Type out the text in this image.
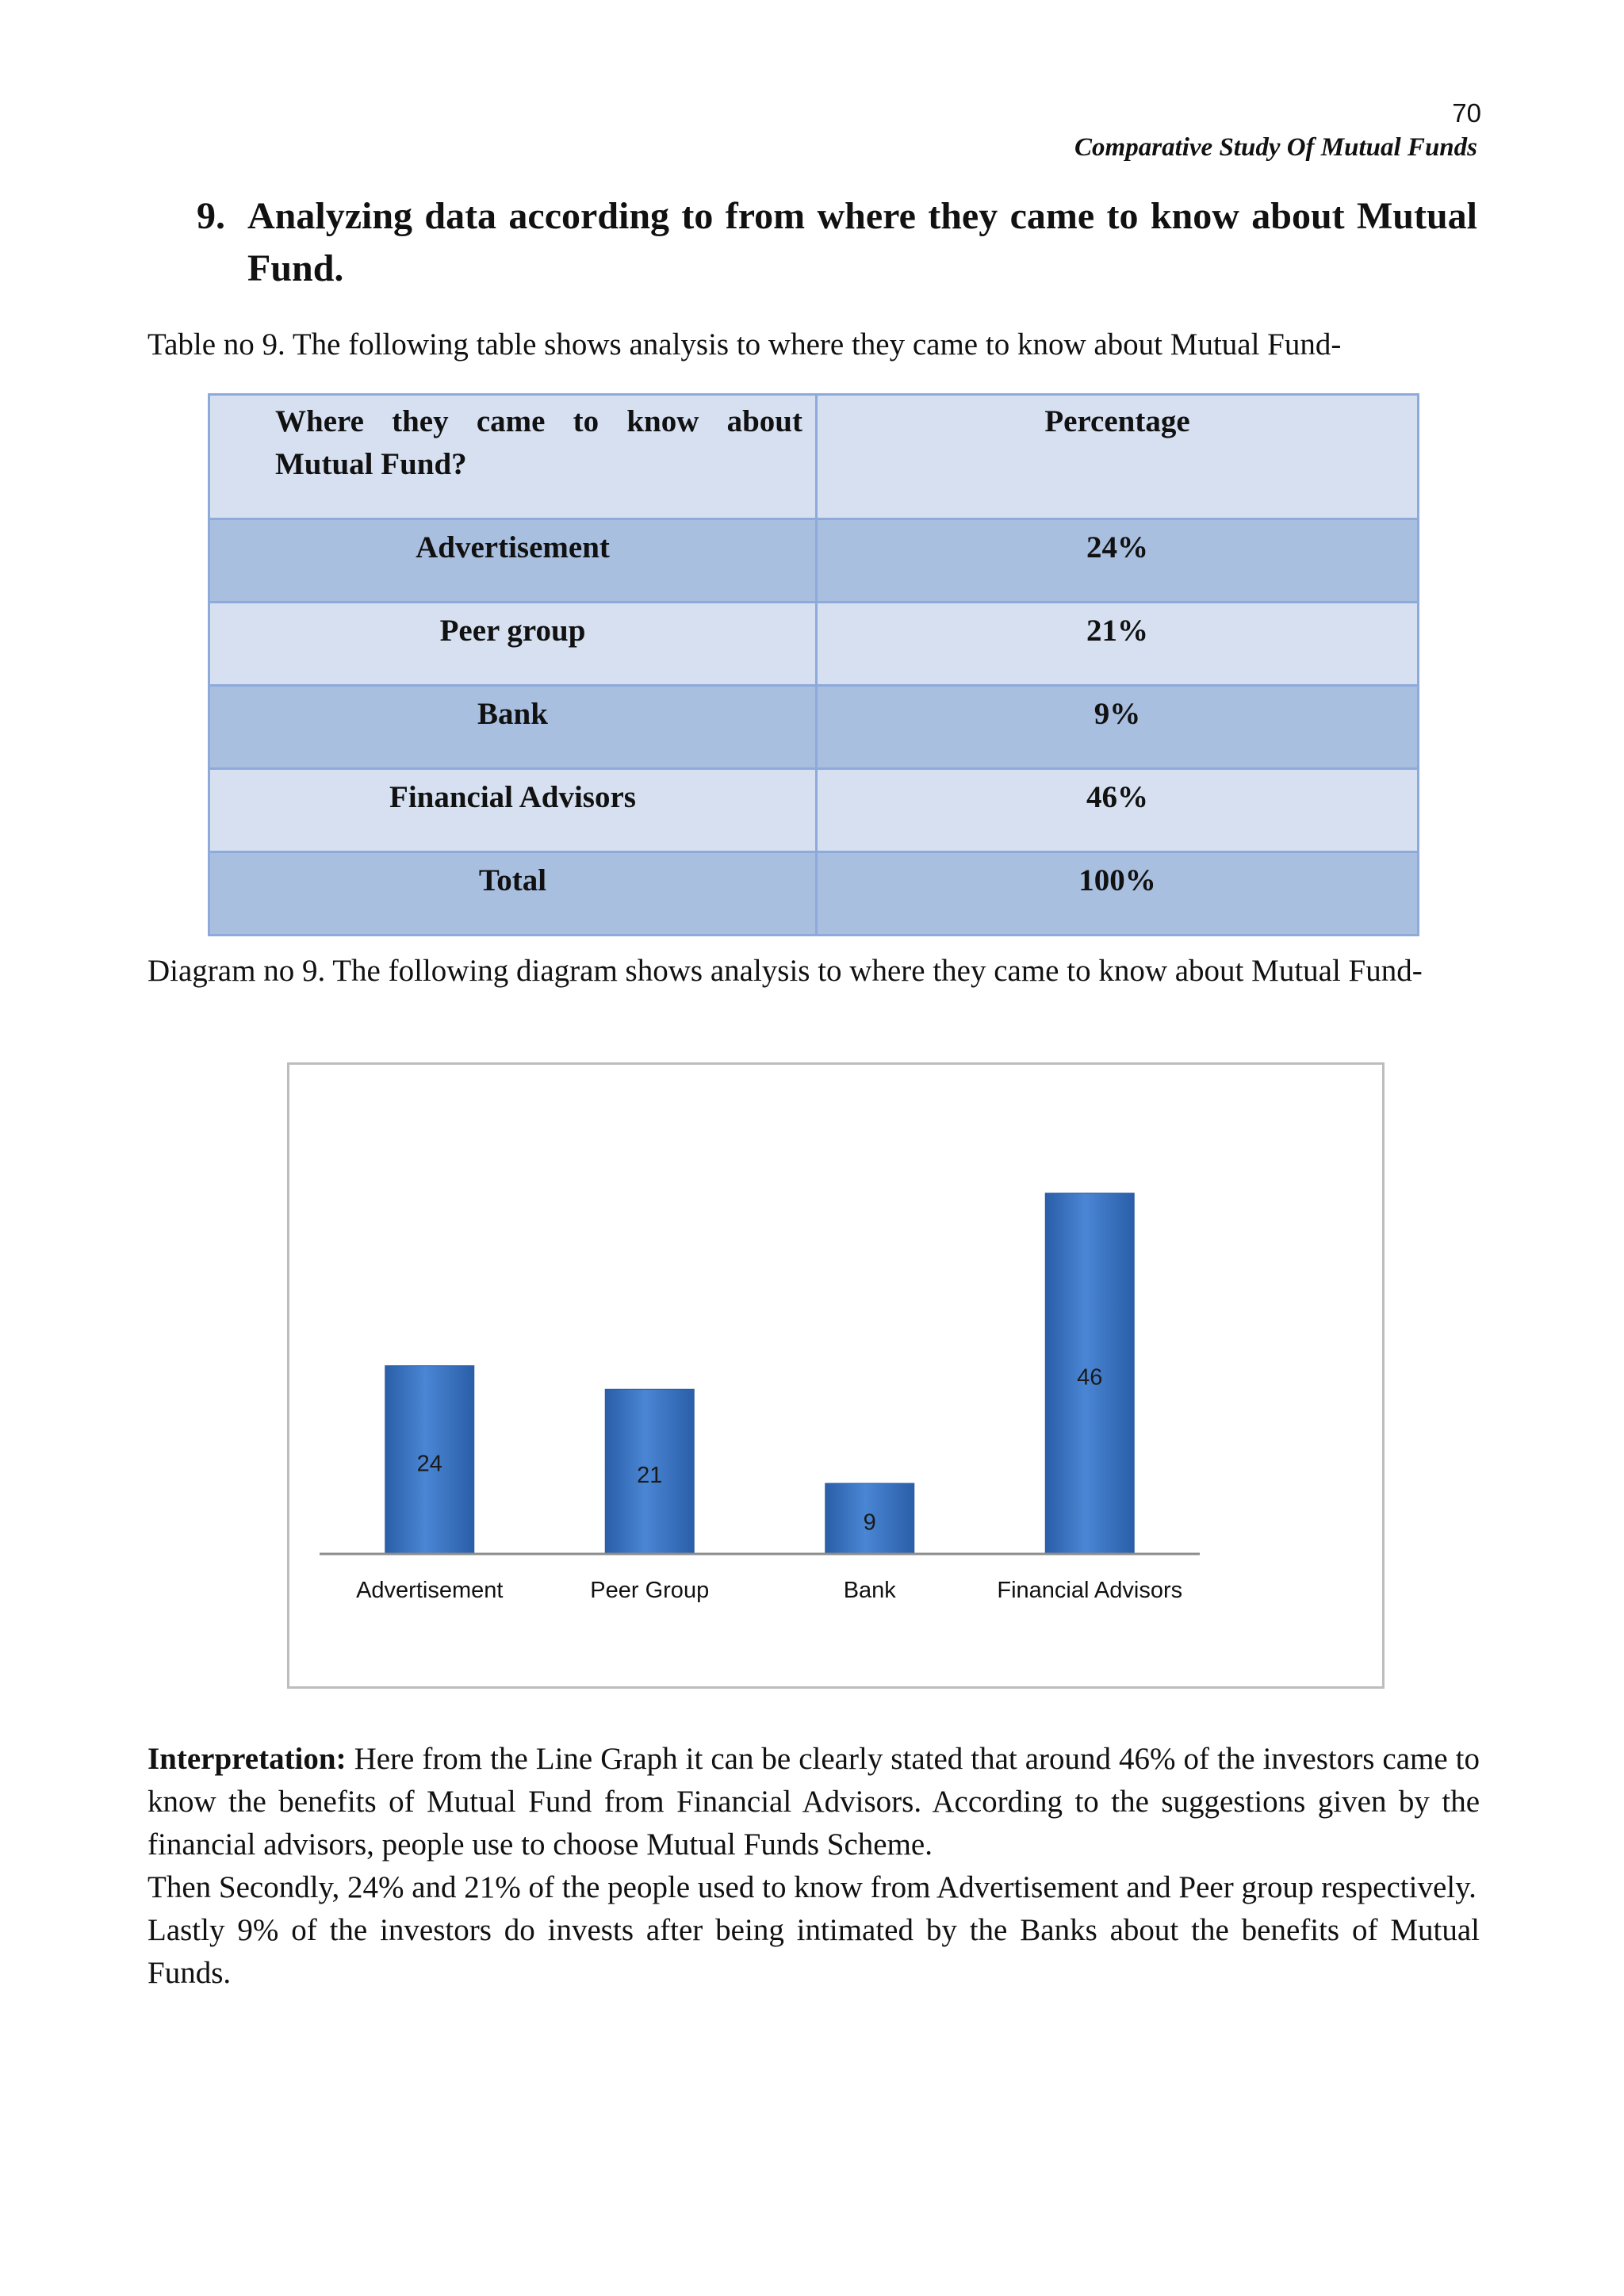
70
Comparative Study Of Mutual Funds
9. Analyzing data according to from where they came to know about Mutual Fund.
Table no 9. The following table shows analysis to where they came to know about Mutual Fund-
Where they came to know about Mutual Fund?	Percentage
Advertisement	24%
Peer group	21%
Bank	9%
Financial Advisors	46%
Total	100%
Diagram no 9. The following diagram shows analysis to where they came to know about Mutual Fund-
24
Advertisement
21
Peer Group
9
Bank
46
Financial Advisors

Interpretation: Here from the Line Graph it can be clearly stated that around 46% of the investors came to know the benefits of Mutual Fund from Financial Advisors. According to the suggestions given by the financial advisors, people use to choose Mutual Funds Scheme.

Then Secondly, 24% and 21% of the people used to know from Advertisement and Peer group respectively.

Lastly 9% of the investors do invests after being intimated by the Banks about the benefits of Mutual Funds.
